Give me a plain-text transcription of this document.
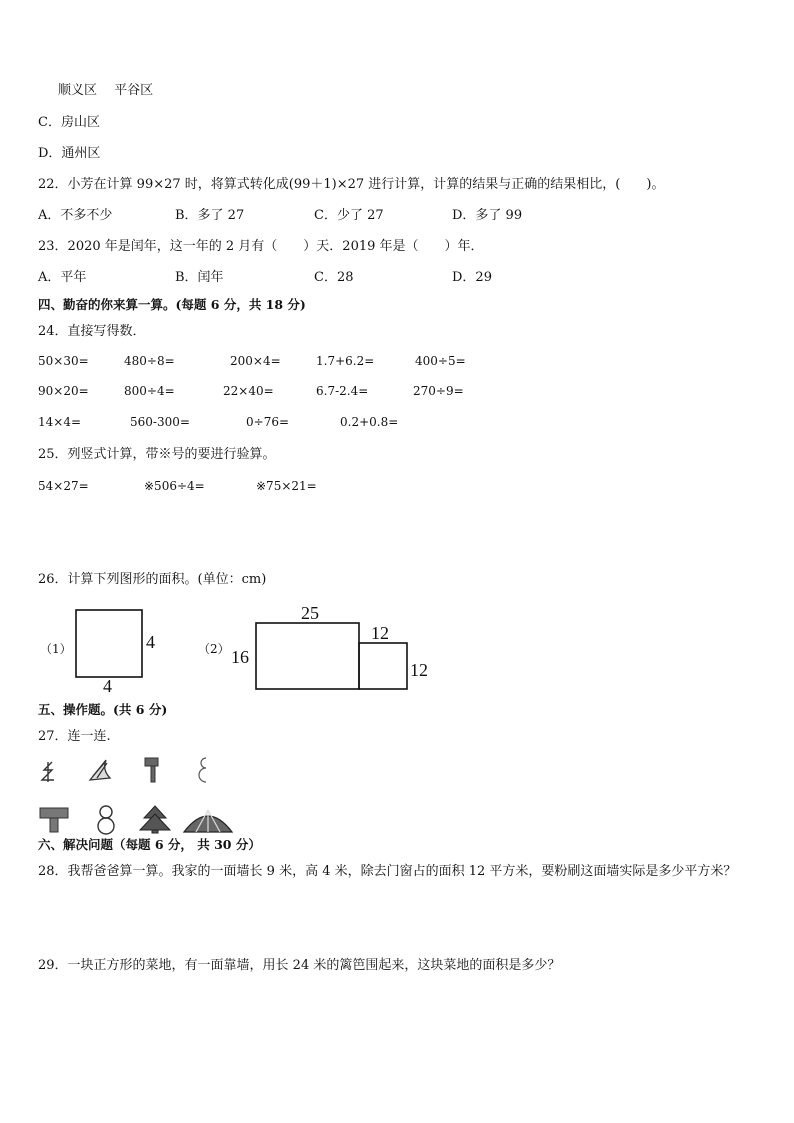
顺义区　 平谷区
C．房山区
D．通州区
22．小芳在计算 99×27 时，将算式转化成(99＋1)×27 进行计算，计算的结果与正确的结果相比，(　　)。
A．不多不少	B．多了 27	C．少了 27	D．多了 99
23．2020 年是闰年，这一年的 2 月有（　　）天．2019 年是（　　）年．
A．平年	B．闰年	C．28	D．29
四、勤奋的你来算一算。(每题 6 分，共 18 分)
24．直接写得数．
50×30=	480÷8=	200×4=	1.7+6.2=	400÷5=
90×20=	800÷4=	22×40=	6.7-2.4=	270÷9=
14×4=	560-300=	0÷76=	0.2+0.8=
25．列竖式计算，带※号的要进行验算。
54×27=	※506÷4=	※75×21=
26．计算下列图形的面积。(单位：cm)
（1）	4
4
（2）
25
12
16
12
五、操作题。(共 6 分)
27．连一连.
六、解决问题（每题 6 分， 共 30 分）
28．我帮爸爸算一算。我家的一面墙长 9 米，高 4 米，除去门窗占的面积 12 平方米，要粉刷这面墙实际是多少平方米？
29．一块正方形的菜地，有一面靠墙，用长 24 米的篱笆围起来，这块菜地的面积是多少？
